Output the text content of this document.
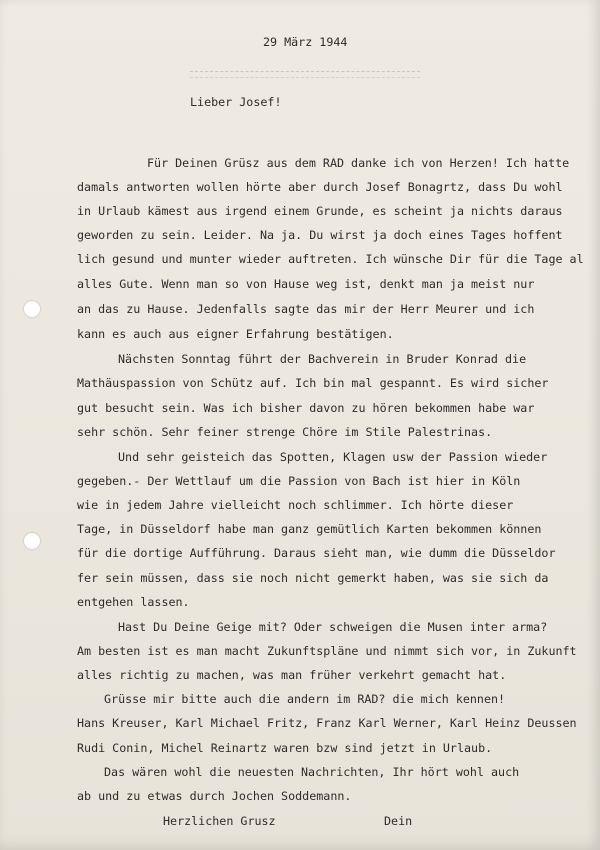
29 März 1944
Lieber Josef!
Für Deinen Grüsz aus dem RAD danke ich von Herzen! Ich hatte
damals antworten wollen hörte aber durch Josef Bonagrtz, dass Du wohl
in Urlaub kämest aus irgend einem Grunde, es scheint ja nichts daraus
geworden zu sein. Leider. Na ja. Du wirst ja doch eines Tages hoffent
lich gesund und munter wieder auftreten. Ich wünsche Dir für die Tage al
alles Gute. Wenn man so von Hause weg ist, denkt man ja meist nur
an das zu Hause. Jedenfalls sagte das mir der Herr Meurer und ich
kann es auch aus eigner Erfahrung bestätigen.
Nächsten Sonntag führt der Bachverein in Bruder Konrad die
Mathäuspassion von Schütz auf. Ich bin mal gespannt. Es wird sicher
gut besucht sein. Was ich bisher davon zu hören bekommen habe war
sehr schön. Sehr feiner strenge Chöre im Stile Palestrinas.
Und sehr geisteich das Spotten, Klagen usw der Passion wieder
gegeben.- Der Wettlauf um die Passion von Bach ist hier in Köln
wie in jedem Jahre vielleicht noch schlimmer. Ich hörte dieser
Tage, in Düsseldorf habe man ganz gemütlich Karten bekommen können
für die dortige Aufführung. Daraus sieht man, wie dumm die Düsseldor
fer sein müssen, dass sie noch nicht gemerkt haben, was sie sich da
entgehen lassen.
Hast Du Deine Geige mit? Oder schweigen die Musen inter arma?
Am besten ist es man macht Zukunftspläne und nimmt sich vor, in Zukunft
alles richtig zu machen, was man früher verkehrt gemacht hat.
Grüsse mir bitte auch die andern im RAD? die mich kennen!
Hans Kreuser, Karl Michael Fritz, Franz Karl Werner, Karl Heinz Deussen
Rudi Conin, Michel Reinartz waren bzw sind jetzt in Urlaub.
Das wären wohl die neuesten Nachrichten, Ihr hört wohl auch
ab und zu etwas durch Jochen Soddemann.
Herzlichen Grusz	Dein
